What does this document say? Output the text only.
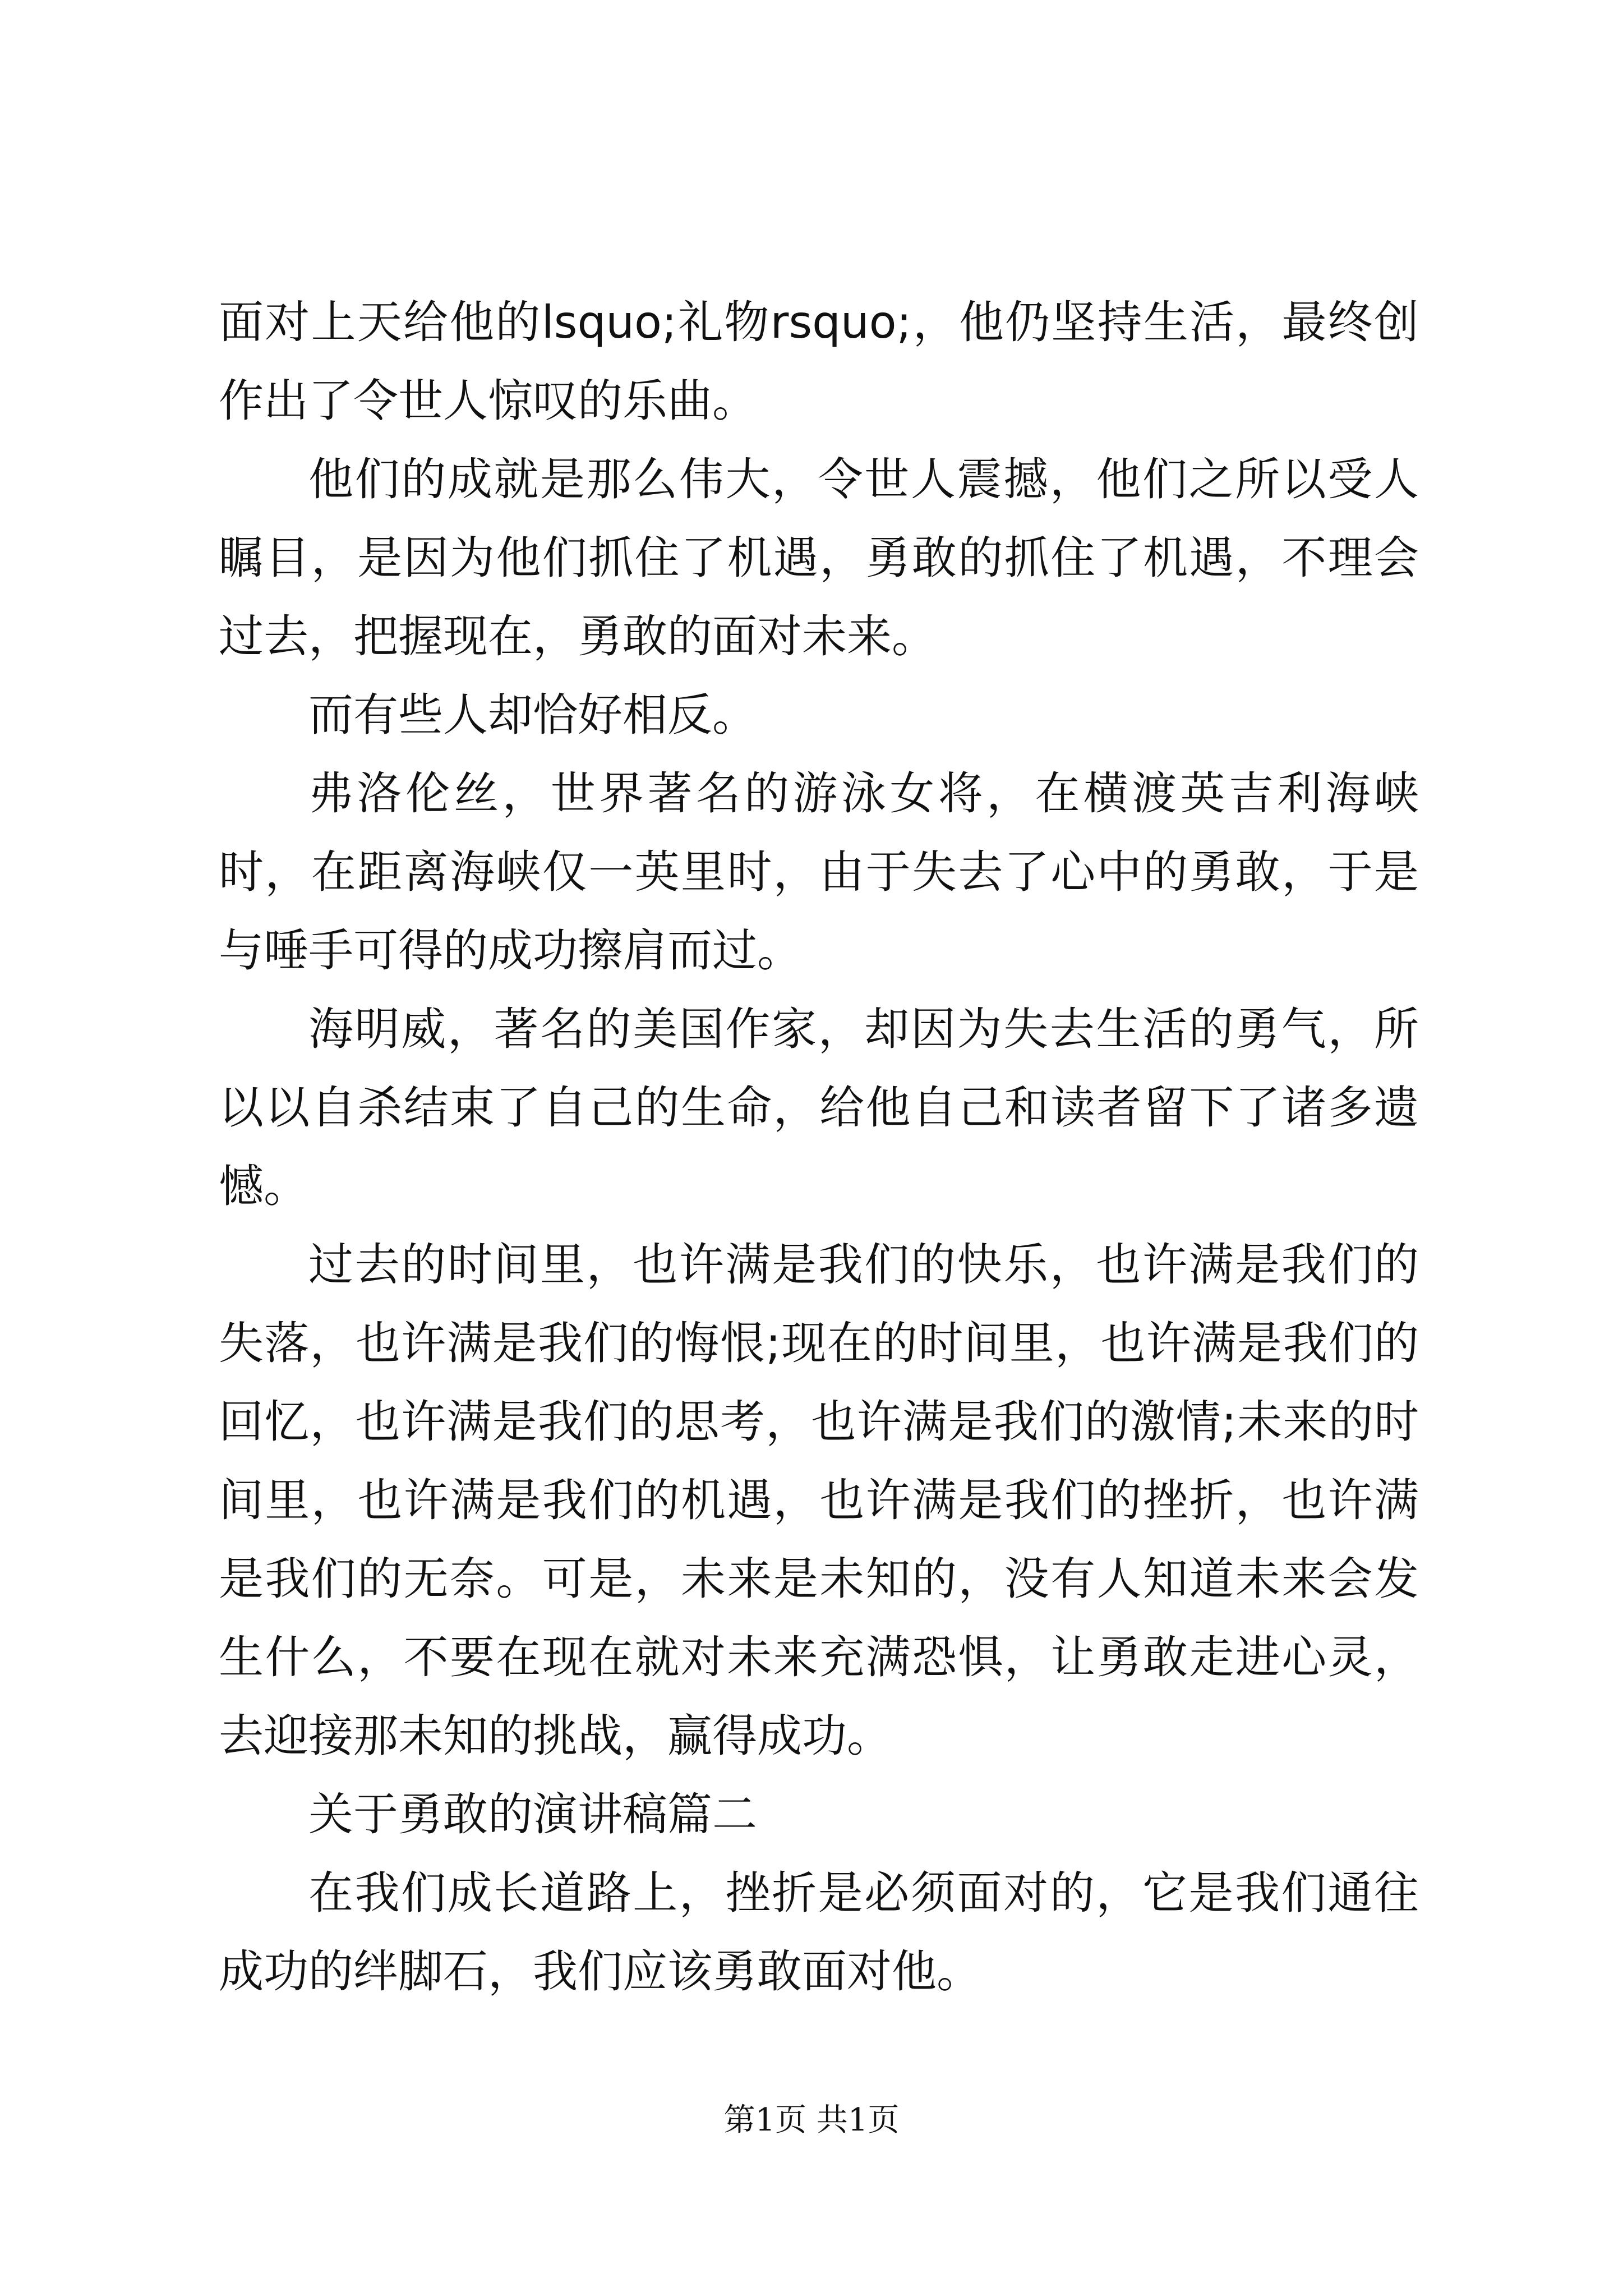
面对上天给他的lsquo;礼物rsquo;，他仍坚持生活，最终创作出了令世人惊叹的乐曲。

他们的成就是那么伟大，令世人震撼，他们之所以受人瞩目，是因为他们抓住了机遇，勇敢的抓住了机遇，不理会过去，把握现在，勇敢的面对未来。

而有些人却恰好相反。

弗洛伦丝，世界著名的游泳女将，在横渡英吉利海峡时，在距离海峡仅一英里时，由于失去了心中的勇敢，于是与唾手可得的成功擦肩而过。

海明威，著名的美国作家，却因为失去生活的勇气，所以以自杀结束了自己的生命，给他自己和读者留下了诸多遗憾。

过去的时间里，也许满是我们的快乐，也许满是我们的失落，也许满是我们的悔恨;现在的时间里，也许满是我们的回忆，也许满是我们的思考，也许满是我们的激情;未来的时间里，也许满是我们的机遇，也许满是我们的挫折，也许满是我们的无奈。可是，未来是未知的，没有人知道未来会发生什么，不要在现在就对未来充满恐惧，让勇敢走进心灵，去迎接那未知的挑战，赢得成功。

关于勇敢的演讲稿篇二

在我们成长道路上，挫折是必须面对的，它是我们通往成功的绊脚石，我们应该勇敢面对他。

第1页 共1页
